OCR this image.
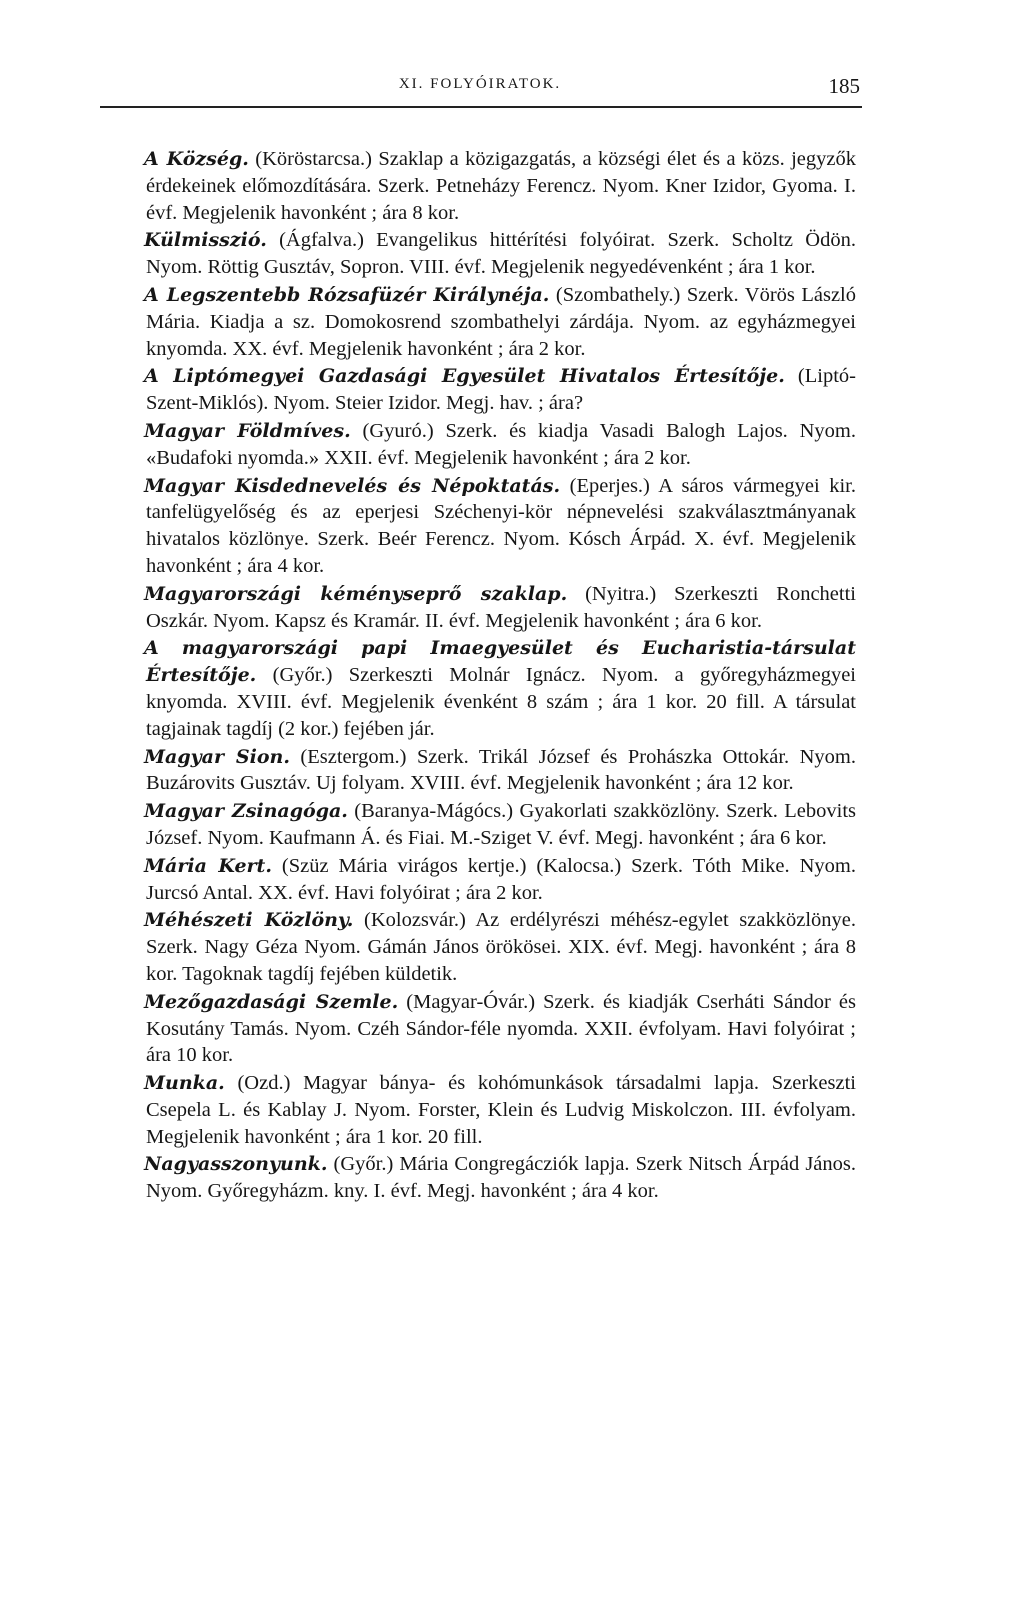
XI. FOLYÓIRATOK.	185

A Község. (Köröstarcsa.) Szaklap a közigazgatás, a községi élet és a közs. jegyzők érdekeinek előmozdítására. Szerk. Petneházy Ferencz. Nyom. Kner Izidor, Gyoma. I. évf. Megjelenik havonként ; ára 8 kor.

Külmisszió. (Ágfalva.) Evangelikus hittérítési folyóirat. Szerk. Scholtz Ödön. Nyom. Röttig Gusztáv, Sopron. VIII. évf. Megjelenik negyedévenként ; ára 1 kor.

A Legszentebb Rózsafüzér Királynéja. (Szombathely.) Szerk. Vörös László Mária. Kiadja a sz. Domokosrend szombathelyi zárdája. Nyom. az egyházmegyei knyomda. XX. évf. Megjelenik havonként ; ára 2 kor.

A Liptómegyei Gazdasági Egyesület Hivatalos Értesítője. (Liptó-Szent-Miklós). Nyom. Steier Izidor. Megj. hav. ; ára?

Magyar Földmíves. (Gyuró.) Szerk. és kiadja Vasadi Balogh Lajos. Nyom. «Budafoki nyomda.» XXII. évf. Megjelenik havonként ; ára 2 kor.

Magyar Kisdednevelés és Népoktatás. (Eperjes.) A sáros vármegyei kir. tanfelügyelőség és az eperjesi Széchenyi-kör népnevelési szakválasztmányanak hivatalos közlönye. Szerk. Beér Ferencz. Nyom. Kósch Árpád. X. évf. Megjelenik havonként ; ára 4 kor.

Magyarországi kéményseprő szaklap. (Nyitra.) Szerkeszti Ronchetti Oszkár. Nyom. Kapsz és Kramár. II. évf. Megjelenik havonként ; ára 6 kor.

A magyarországi papi Imaegyesület és Eucharistia-társulat Értesítője. (Győr.) Szerkeszti Molnár Ignácz. Nyom. a győregyházmegyei knyomda. XVIII. évf. Megjelenik évenként 8 szám ; ára 1 kor. 20 fill. A társulat tagjainak tagdíj (2 kor.) fejében jár.

Magyar Sion. (Esztergom.) Szerk. Trikál József és Prohászka Ottokár. Nyom. Buzárovits Gusztáv. Uj folyam. XVIII. évf. Megjelenik havonként ; ára 12 kor.

Magyar Zsinagóga. (Baranya-Mágócs.) Gyakorlati szakközlöny. Szerk. Lebovits József. Nyom. Kaufmann Á. és Fiai. M.-Sziget V. évf. Megj. havonként ; ára 6 kor.

Mária Kert. (Szüz Mária virágos kertje.) (Kalocsa.) Szerk. Tóth Mike. Nyom. Jurcsó Antal. XX. évf. Havi folyóirat ; ára 2 kor.

Méhészeti Közlöny. (Kolozsvár.) Az erdélyrészi méhész-egylet szakközlönye. Szerk. Nagy Géza Nyom. Gámán János örökösei. XIX. évf. Megj. havonként ; ára 8 kor. Tagoknak tagdíj fejében küldetik.

Mezőgazdasági Szemle. (Magyar-Óvár.) Szerk. és kiadják Cserháti Sándor és Kosutány Tamás. Nyom. Czéh Sándor-féle nyomda. XXII. évfolyam. Havi folyóirat ; ára 10 kor.

Munka. (Ozd.) Magyar bánya- és kohómunkások társadalmi lapja. Szerkeszti Csepela L. és Kablay J. Nyom. Forster, Klein és Ludvig Miskolczon. III. évfolyam. Megjelenik havonként ; ára 1 kor. 20 fill.

Nagyasszonyunk. (Győr.) Mária Congregácziók lapja. Szerk Nitsch Árpád János. Nyom. Győregyházm. kny. I. évf. Megj. havonként ; ára 4 kor.
